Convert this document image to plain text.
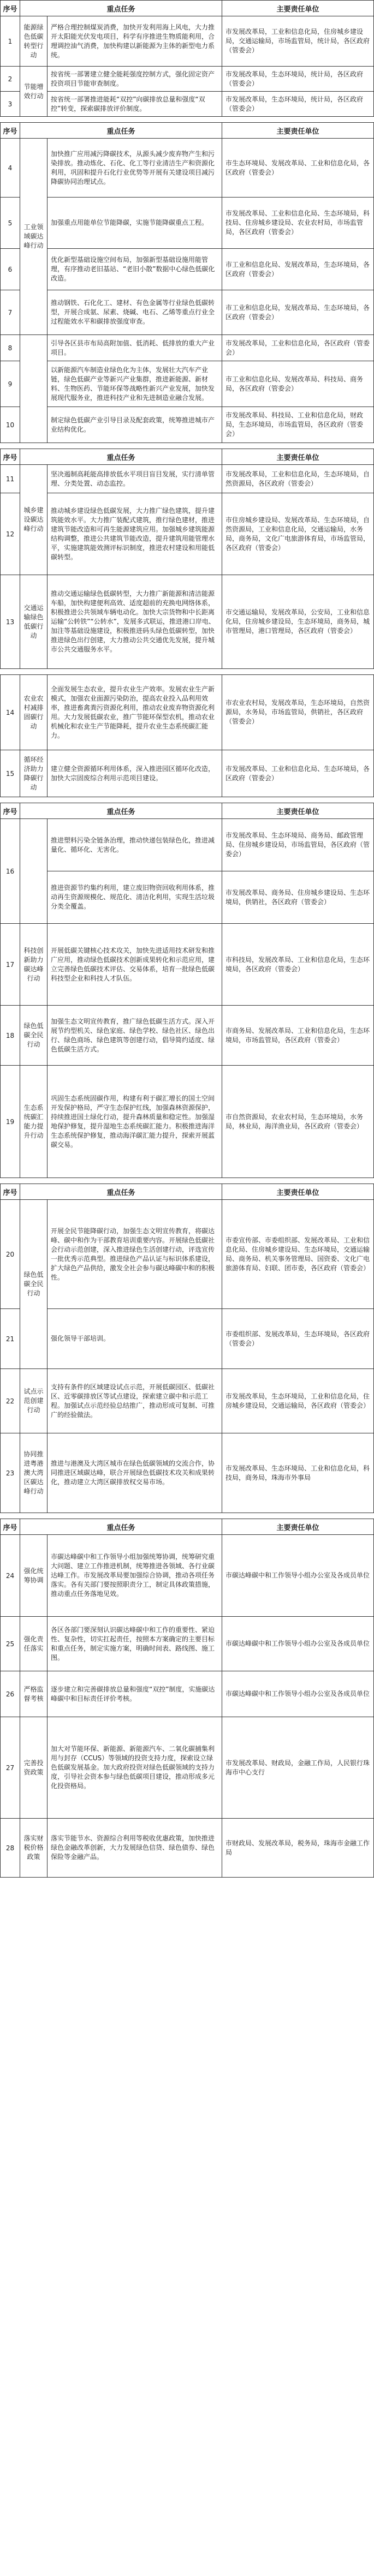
序号	重点任务		主要责任单位
1	能源绿色低碳转型行动	严格合理控制煤炭消费，加快开发利用海上风电，大力推开太阳能光伏发电项目，科学有序推进生物质能利用，合理调控油气消费，加快构建以新能源为主体的新型电力系统。	市发展改革局，工业和信息化局，住房城乡建设局，交通运输局，市场监管局，统计局，各区政府（管委会）
2	节能增效行动	按省统一部署建立健全能耗强度控制方式，强化固定资产投资项目节能审查制度。	市发展改革局，生态环境局，统计局，各区政府（管委会）
3		按省统一部署推进能耗“双控”向碳排放总量和强度“双控”转变，探索碳排放评价制度。	市发展改革局，生态环境局，统计局，各区政府（管委会）
序号	重点任务		主要责任单位
4	工业领域碳达峰行动	加快推广应用减污降碳技术，从源头减少废弃物产生和污染排放。推动炼化、石化、化工等行业清洁生产和资源化利用，巩固和提升石化行业优势等开展有关建设项目减污降碳协同治理试点。	市生态环境局、发展改革局、工业和信息化局，各区政府（管委会）
5		加强重点用能单位节能降碳，实施节能降碳重点工程。	市发展改革局、工业和信息化局、生态环境局，科技局、住房城乡建设局、农业农村局，市场监管局，各区政府（管委会）
6		优化新型基础设施空间布局，加强新型基础设施用能管理，有序推动老旧基站、“老旧小散”数据中心绿色低碳化改造。	市工业和信息化局、发展改革局，生态环境局，各区政府（管委会）
7		推动钢铁、石化化工、建材、有色金属等行业绿色低碳转型，开展合成氨、尿素、烧碱、电石、乙烯等重点行业全过程能效水平和碳排放强度审查。	市工业和信息化局，发展改革局、生态环境局，各区政府（管委会）
8		引导各区县市布局高附加值、低消耗、低排放的重大产业项目。	市发展改革局，工业和信息化局，各区政府（管委会）
9		以新能源汽车制造业绿色化为主体，发展壮大汽车产业链，绿色低碳产业等新兴产业集群，推进新能源、新材料、生物医药、节能环保等战略性新兴产业发展，加快发展现代服务业，推进科技产业和先进制造业融合发展。	市工业和信息化局、发展改革局、科技局、商务局，各区政府（管委会）
10		制定绿色低碳产业引导目录及配套政策，统筹推进城市产业结构优化。	市发展改革局、科技局、工业和信息化局，财政局，生态环境局，市场监管局，各区政府（管委会）
序号	重点任务		主要责任单位
11	城乡建设碳达峰行动	坚决遏制高耗能高排放低水平项目盲目发展，实行清单管理、分类处置、动态监控。	市发展改革局，工业和信息化局，生态环境局，自然资源局，各区政府（管委会）
12		推动城乡建设绿色低碳发展，大力推广绿色建筑，提升建筑能效水平。大力推广装配式建筑，推行绿色建材，推进建筑节能改造和可再生能源建筑应用。加强城乡建筑能源结构调整，推进公共建筑节能改造，提升建筑用能管理水平，实施建筑能效测评标识制度，推进农村建设和用能低碳转型。	市住房城乡建设局、发展改革局、生态环境局，自然资源局，工业和信息化局，交通运输局，水务局，商务局，文化广电旅游体育局，市场监管局，各区政府（管委会）
13	交通运输绿色低碳行动	推动交通运输绿色低碳转型，大力推广新能源和清洁能源车船，加快构建便利高效、适度超前的充换电网络体系，积极推进公共领域车辆电动化。加快大宗货物和中长距离运输“公转铁”“公转水”，发展多式联运，推进港口岸电、加注等基础设施建设，积极推进码头绿色低碳转型，加快推进绿色出行创建，大力推动公共交通优先发展，提升城市公共交通服务水平。	市交通运输局，发展改革局，公安局，工业和信息化局，住房城乡建设局，生态环境局，商务局，城市管理局，港口管理局，各区政府（管委会）
14	农业农村减排固碳行动	全面发展生态农业，提升农业生产效率。发展农业生产新模式，加强农业面源污染防治，提高农业投入品利用效率，推进畜禽粪污资源化利用，推动农业废弃物资源化利用。大力发展低碳农业，推广节能环保型农机，推动农业机械化和农业生产节能降耗，提升农业生态系统碳汇能力。	市农业农村局，发展改革局，生态环境局，自然资源局，水务局，市场监管局，供销社，各区政府（管委会）
15	循环经济助力降碳行动	建立健全资源循环利用体系，深入推进园区循环化改造，加快大宗固废综合利用示范项目建设。	市发展改革局、工业和信息化局、生态环境局，各区政府（管委会）
序号	重点任务		主要责任单位
16		推进塑料污染全链条治理，推动快递包装绿色化，推进减量化、循环化、无害化。	市发展改革局、生态环境局、商务局、邮政管理局、住房城乡建设局，市场监管局，各区政府（管委会）
		推进资源节约集约利用，建立废旧物资回收利用体系，推动再生资源规模化、规范化、清洁化利用，实现生活垃圾分类全覆盖。	市发展改革局、商务局、住房城乡建设局、生态环境局，供销社，各区政府（管委会）
17	科技创新助力碳达峰行动	开展低碳关键核心技术攻关，加快先进适用技术研发和推广应用，推动绿色低碳技术创新成果转化和示范应用，建立完善绿色低碳技术评估、交易体系，培育一批绿色低碳科技型企业和科技人才队伍。	市科技局，发展改革局、工业和信息化局，生态环境局，各区政府（管委会）
18	绿色低碳全民行动	加强生态文明宣传教育，推广绿色低碳生活方式。深入开展节约型机关、绿色家庭、绿色学校、绿色社区、绿色出行、绿色商场、绿色建筑等创建行动，倡导简约适度、绿色低碳生活方式。	市商务局、发展改革局、工业和信息化局，生态环境局，市场监管局，各区政府（管委会）
19	生态系统碳汇能力提升行动	巩固生态系统固碳作用，构建有利于碳汇增长的国土空间开发保护格局，严守生态保护红线，加强森林资源保护，持续推进国土绿化行动，提升森林质量和稳定性。加强湿地保护修复，提升湿地生态系统碳汇能力。积极推进海洋生态系统保护修复，推动海洋碳汇能力提升，探索开展蓝碳交易。	市自然资源局，农业农村局，生态环境局，水务局，林业局，海洋渔业局，各区政府（管委会）
序号	重点任务		主要责任单位
20	绿色低碳全民行动	开展全民节能降碳行动，加强生态文明宣传教育，将碳达峰、碳中和作为干部教育培训重要内容。开展绿色低碳社会行动示范创建，深入推进绿色生活创建行动，评选宣传一批优秀示范典型。推进绿色产品认证与标识体系建设，扩大绿色产品供给，激发全社会参与碳达峰碳中和的积极性。	市委宣传部、市委组织部、发展改革局、工业和信息化局、住房城乡建设局、生态环境局，交通运输局、商务局、机关事务管理局、国资委、文化广电旅游体育局、妇联、团市委，各区政府（管委会）
21		强化领导干部培训。	市委组织部、发展改革局，生态环境局，各区政府（管委会）
22	试点示范创建行动	支持有条件的区域建设试点示范，开展低碳园区、低碳社区、近零碳排放区等试点建设，探索建立碳中和示范工程。加强试点示范经验总结推广，推动形成可复制、可推广的经验做法。	市发展改革局，生态环境局，工业和信息化局，住房城乡建设局，交通运输局，各区政府（管委会）
23	协同推进粤港澳大湾区碳达峰行动	推进与港澳及大湾区城市在绿色低碳领域的交流合作，协同推进区域碳达峰，联合开展绿色低碳技术攻关和成果转化，推动建立大湾区碳排放权交易市场。	市发展改革局、生态环境局、工业和信息化局，科技局，商务局，珠海市外事局
序号	重点任务		主要责任单位
24	强化统筹协调	市碳达峰碳中和工作领导小组加强统筹协调，统筹研究重大问题、建立工作推进机制，统筹推进各领域、各行业碳达峰工作。市发展改革局要加强综合协调，推动各项任务落实。各有关部门要按照职责分工，制定具体政策措施，推动重点任务落地见效。	市碳达峰碳中和工作领导小组办公室及各成员单位
25	强化责任落实	各区各部门要深刻认识碳达峰碳中和工作的重要性、紧迫性、复杂性，切实扛起责任，按照本方案确定的主要目标和重点任务，制定实施方案，明确时间表、路线图、施工图。	市碳达峰碳中和工作领导小组办公室及各成员单位
26	严格监督考核	逐步建立和完善碳排放总量和强度“双控”制度，实施碳达峰碳中和目标责任评价考核。	市碳达峰碳中和工作领导小组办公室及各成员单位
27	完善投资政策	加大对节能环保、新能源、新能源汽车、二氧化碳捕集利用与封存（CCUS）等领域的投资支持力度，探索设立绿色低碳发展基金。加大政府投资对绿色低碳领域的支持力度，引导社会资本参与绿色低碳项目建设，推动形成多元化投资格局。	市发展改革局、财政局，金融工作局，人民银行珠海市中心支行
28	落实财税价格政策	落实节能节水、资源综合利用等税收优惠政策，加快推进绿色金融改革创新，大力发展绿色信贷、绿色债券、绿色保险等金融产品。	市财政局、发展改革局，税务局，珠海市金融工作局
